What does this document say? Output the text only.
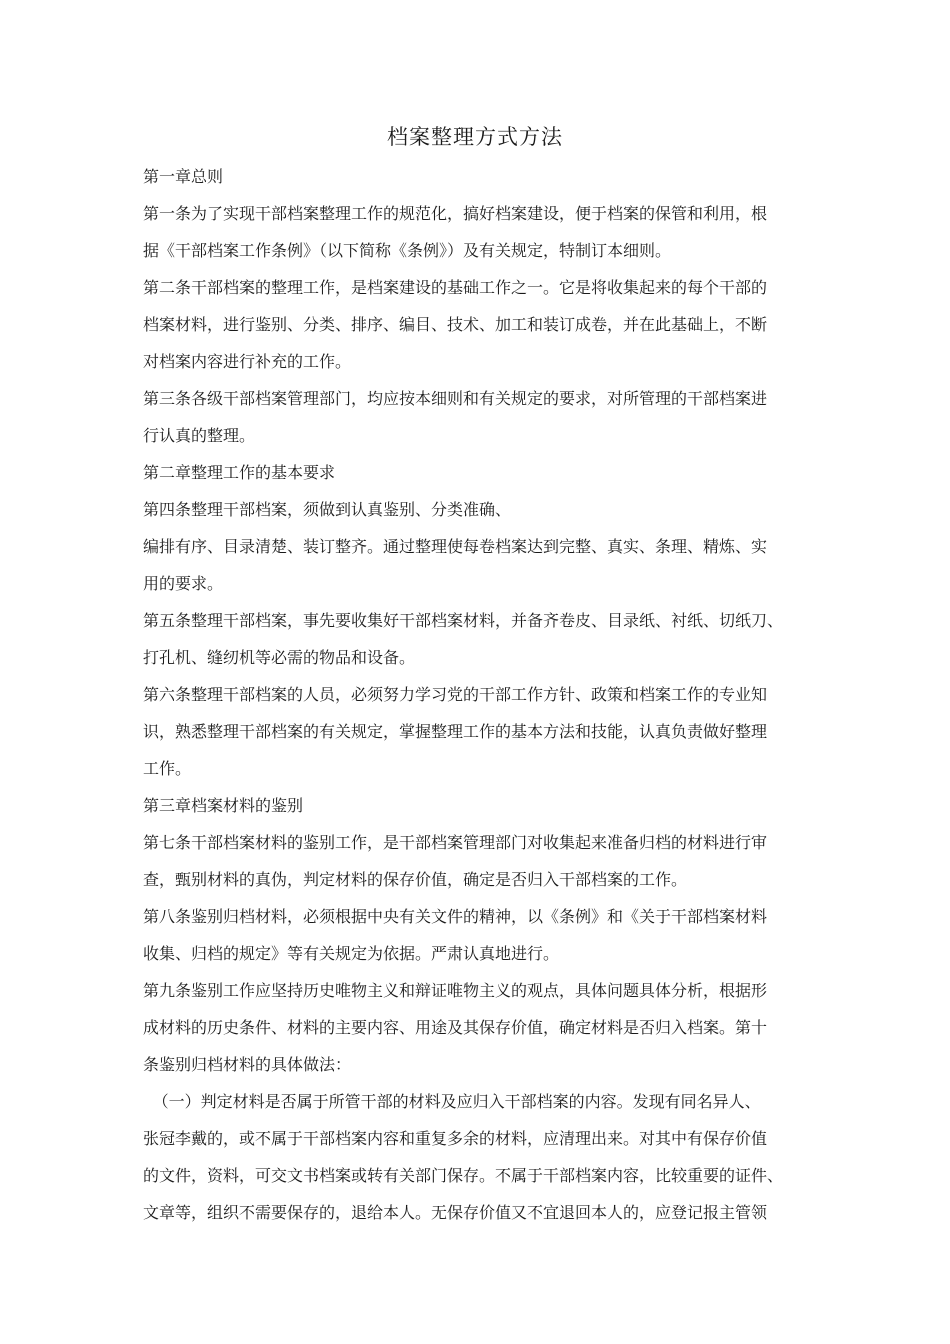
档案整理方式方法

第一章总则

第一条为了实现干部档案整理工作的规范化，搞好档案建设，便于档案的保管和利用，根

据《干部档案工作条例》（以下简称《条例》）及有关规定，特制订本细则。

第二条干部档案的整理工作，是档案建设的基础工作之一。它是将收集起来的每个干部的

档案材料，进行鉴别、分类、排序、编目、技术、加工和装订成卷，并在此基础上，不断

对档案内容进行补充的工作。

第三条各级干部档案管理部门，均应按本细则和有关规定的要求，对所管理的干部档案进

行认真的整理。

第二章整理工作的基本要求

第四条整理干部档案，须做到认真鉴别、分类准确、

编排有序、目录清楚、装订整齐。通过整理使每卷档案达到完整、真实、条理、精炼、实

用的要求。

第五条整理干部档案，事先要收集好干部档案材料，并备齐卷皮、目录纸、衬纸、切纸刀、

打孔机、缝纫机等必需的物品和设备。

第六条整理干部档案的人员，必须努力学习党的干部工作方针、政策和档案工作的专业知

识，熟悉整理干部档案的有关规定，掌握整理工作的基本方法和技能，认真负责做好整理

工作。

第三章档案材料的鉴别

第七条干部档案材料的鉴别工作，是干部档案管理部门对收集起来准备归档的材料进行审

查，甄别材料的真伪，判定材料的保存价值，确定是否归入干部档案的工作。

第八条鉴别归档材料，必须根据中央有关文件的精神，以《条例》和《关于干部档案材料

收集、归档的规定》等有关规定为依据。严肃认真地进行。

第九条鉴别工作应坚持历史唯物主义和辩证唯物主义的观点，具体问题具体分析，根据形

成材料的历史条件、材料的主要内容、用途及其保存价值，确定材料是否归入档案。第十

条鉴别归档材料的具体做法：

（一）判定材料是否属于所管干部的材料及应归入干部档案的内容。发现有同名异人、

张冠李戴的，或不属于干部档案内容和重复多余的材料，应清理出来。对其中有保存价值

的文件，资料，可交文书档案或转有关部门保存。不属于干部档案内容，比较重要的证件、

文章等，组织不需要保存的，退给本人。无保存价值又不宜退回本人的，应登记报主管领
